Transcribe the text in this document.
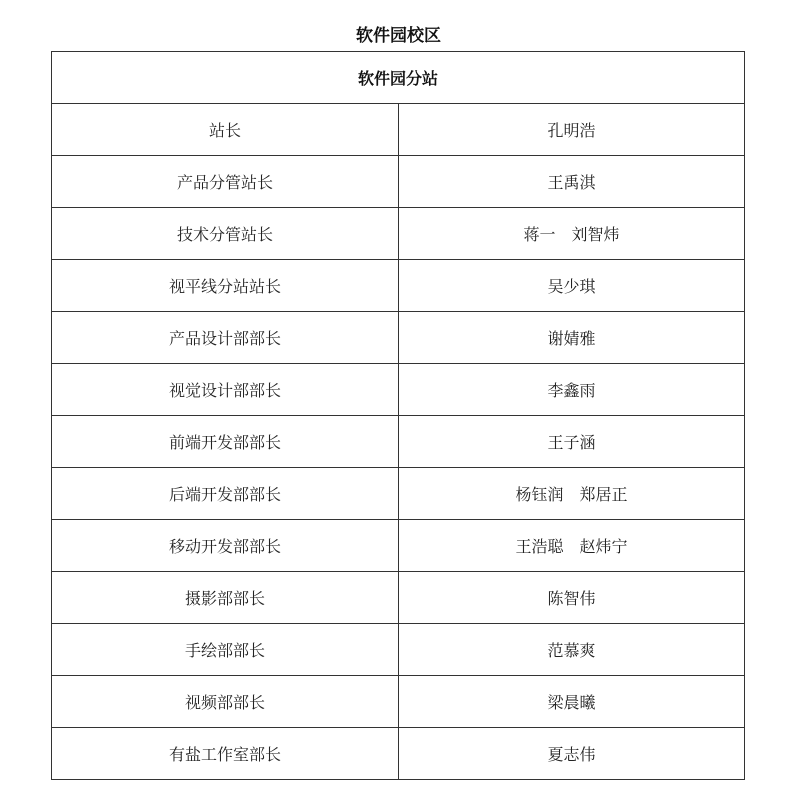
软件园校区
软件园分站	
站长	孔明浩
产品分管站长	王禹淇
技术分管站长	蒋一　刘智炜
视平线分站站长	吴少琪
产品设计部部长	谢婧雅
视觉设计部部长	李鑫雨
前端开发部部长	王子涵
后端开发部部长	杨钰润　郑居正
移动开发部部长	王浩聪　赵炜宁
摄影部部长	陈智伟
手绘部部长	范慕爽
视频部部长	梁晨曦
有盐工作室部长	夏志伟
